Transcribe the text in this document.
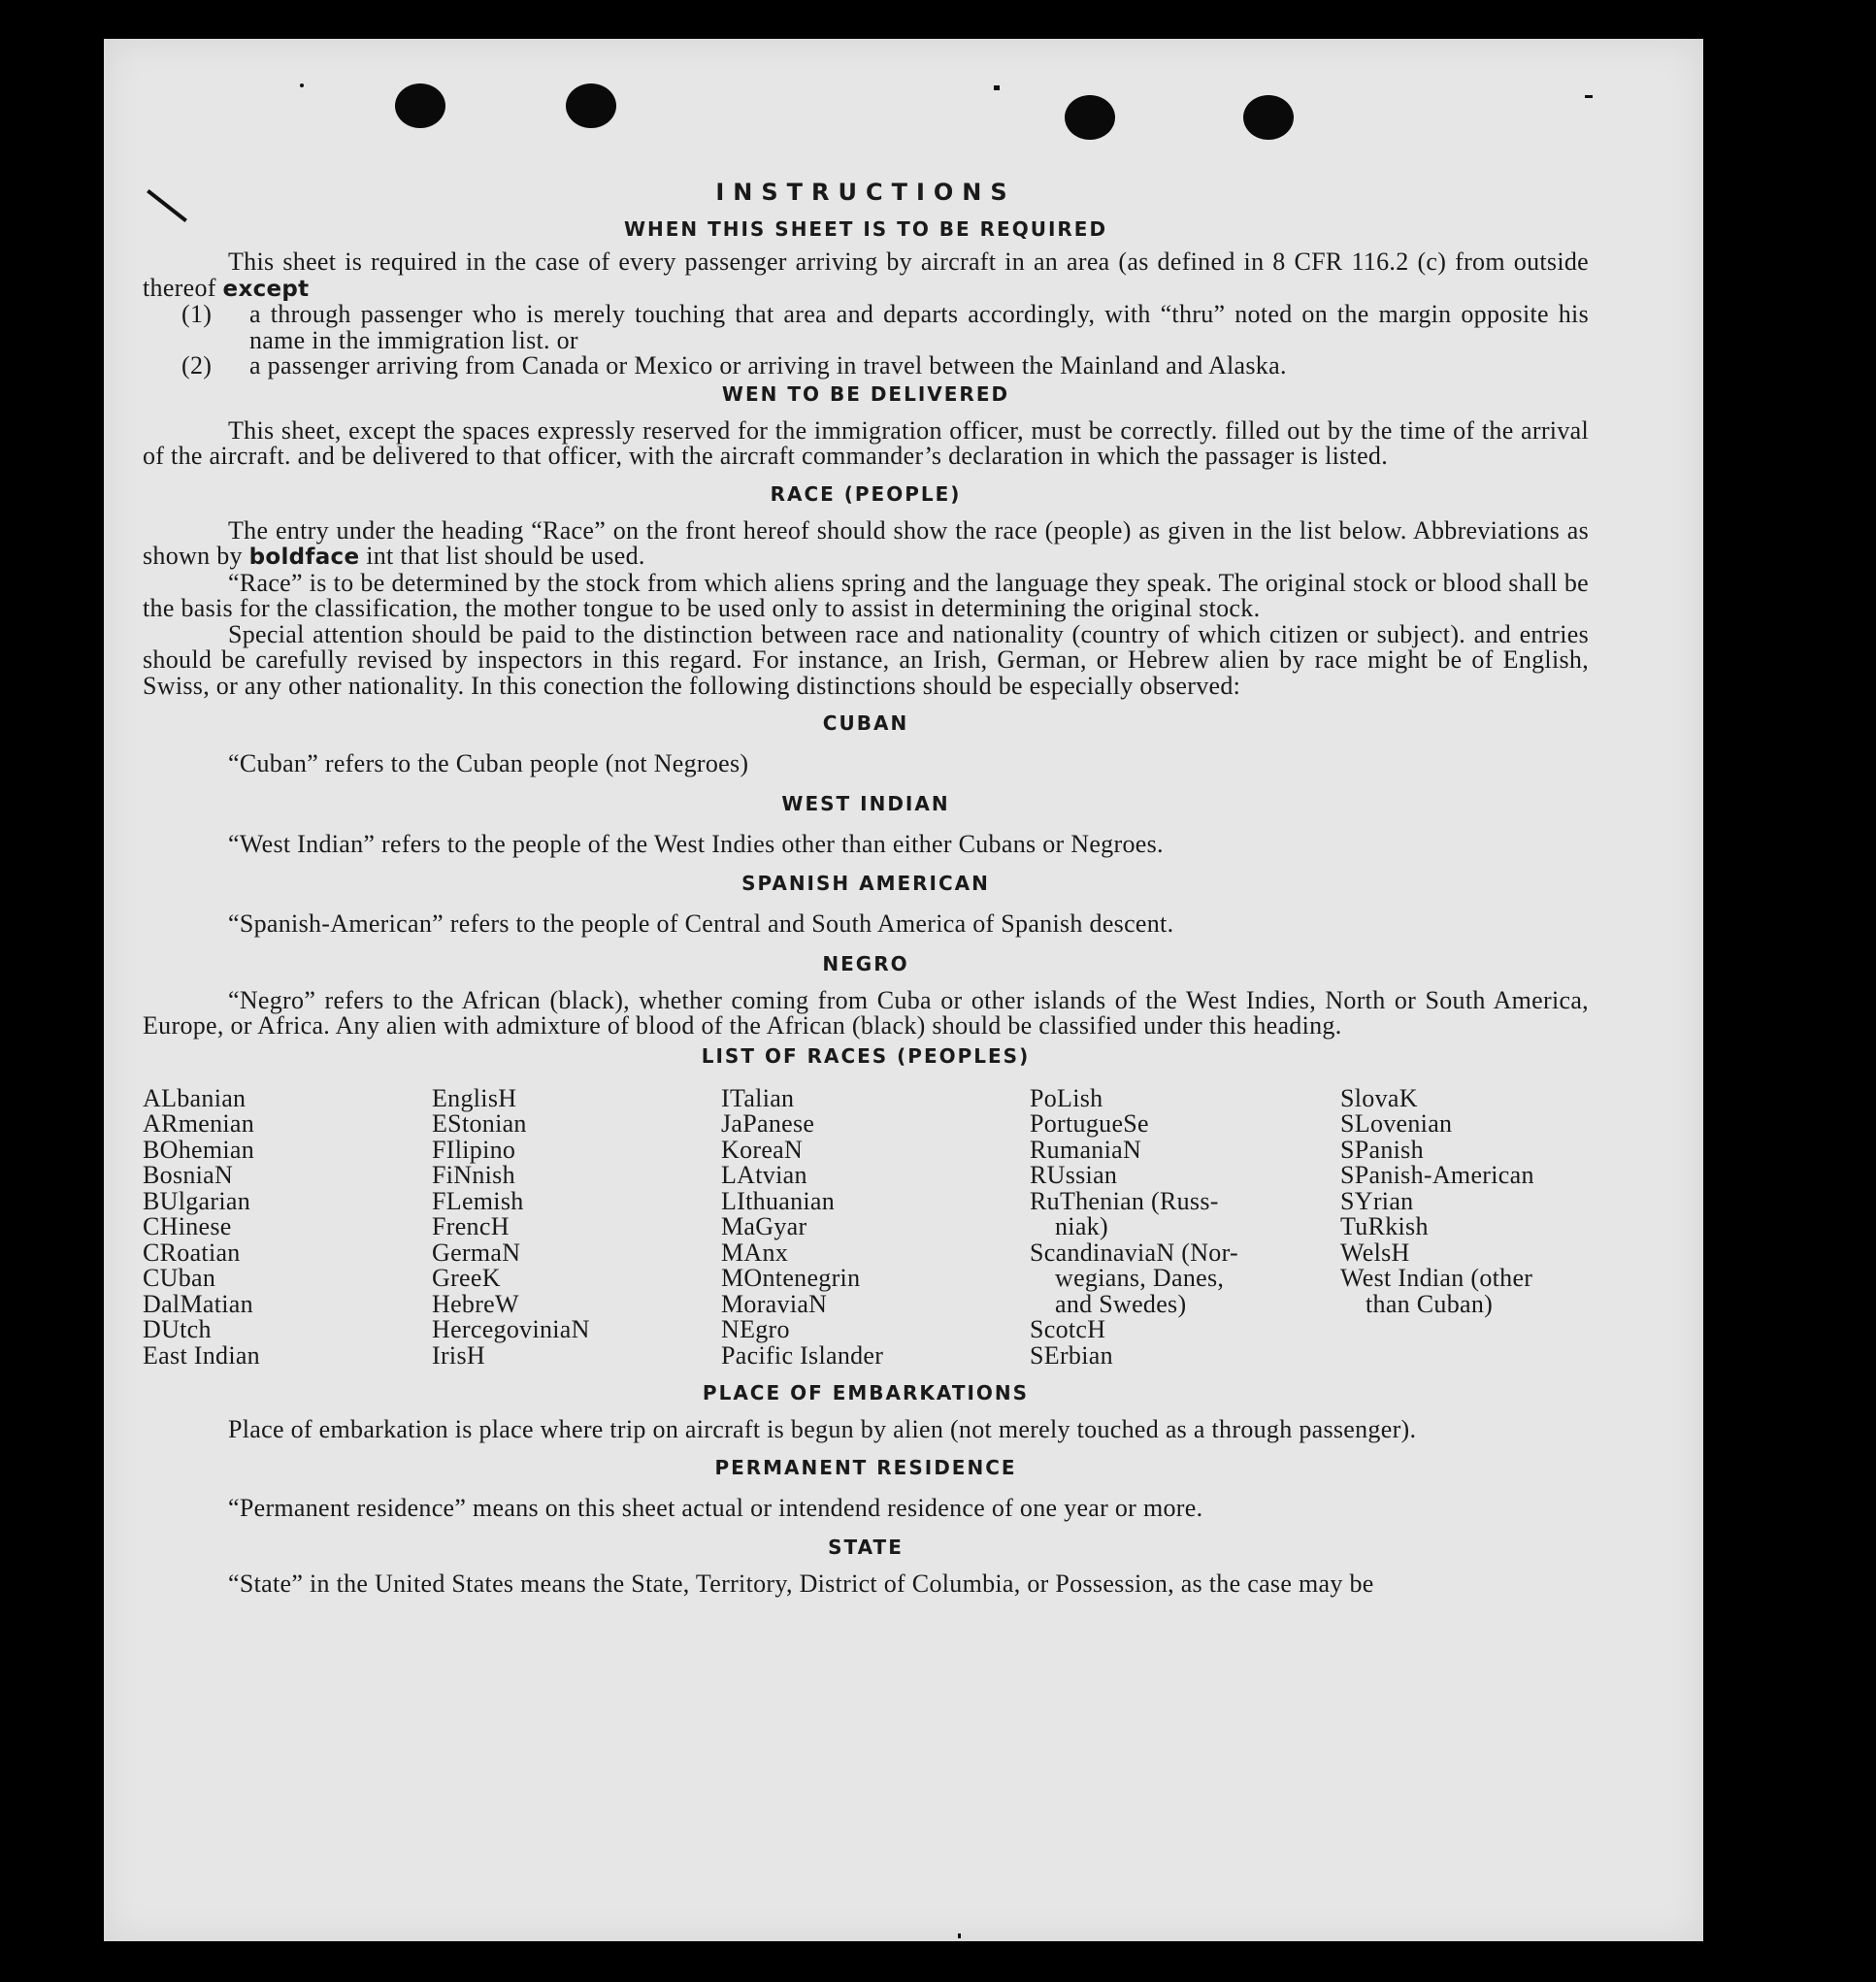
INSTRUCTIONS
WHEN THIS SHEET IS TO BE REQUIRED

This sheet is required in the case of every passenger arriving by aircraft in an area (as defined in 8 CFR 116.2 (c) from outside thereof except

(1) a through passenger who is merely touching that area and departs accordingly, with “thru” noted on the margin opposite his name in the immigration list. or

(2) a passenger arriving from Canada or Mexico or arriving in travel between the Mainland and Alaska.

WEN TO BE DELIVERED

This sheet, except the spaces expressly reserved for the immigration officer, must be correctly. filled out by the time of the arrival of the aircraft. and be delivered to that officer, with the aircraft commander’s declaration in which the passager is listed.

RACE (PEOPLE)

The entry under the heading “Race” on the front hereof should show the race (people) as given in the list below. Abbreviations as shown by boldface int that list should be used.

“Race” is to be determined by the stock from which aliens spring and the language they speak. The original stock or blood shall be the basis for the classification, the mother tongue to be used only to assist in determining the original stock.

Special attention should be paid to the distinction between race and nationality (country of which citizen or subject). and entries should be carefully revised by inspectors in this regard. For instance, an Irish, German, or Hebrew alien by race might be of English, Swiss, or any other nationality. In this conection the following distinctions should be especially observed:

CUBAN

“Cuban” refers to the Cuban people (not Negroes)

WEST INDIAN

“West Indian” refers to the people of the West Indies other than either Cubans or Negroes.

SPANISH AMERICAN

“Spanish-American” refers to the people of Central and South America of Spanish descent.

NEGRO

“Negro” refers to the African (black), whether coming from Cuba or other islands of the West Indies, North or South America, Europe, or Africa. Any alien with admixture of blood of the African (black) should be classified under this heading.

LIST OF RACES (PEOPLES)
ALbanian
ARmenian
BOhemian
BosniaN
BUlgarian
CHinese
CRoatian
CUban
DalMatian
DUtch
East Indian
EnglisH
EStonian
FIlipino
FiNnish
FLemish
FrencH
GermaN
GreeK
HebreW
HercegoviniaN
IrisH
ITalian
JaPanese
KoreaN
LAtvian
LIthuanian
MaGyar
MAnx
MOntenegrin
MoraviaN
NEgro
Pacific Islander
PoLish
PortugueSe
RumaniaN
RUssian
RuThenian (Russ-
niak)
ScandinaviaN (Nor-
wegians, Danes,
and Swedes)
ScotcH
SErbian
SlovaK
SLovenian
SPanish
SPanish-American
SYrian
TuRkish
WelsH
West Indian (other
than Cuban)
PLACE OF EMBARKATIONS

Place of embarkation is place where trip on aircraft is begun by alien (not merely touched as a through passenger).

PERMANENT RESIDENCE

“Permanent residence” means on this sheet actual or intendend residence of one year or more.

STATE

“State” in the United States means the State, Territory, District of Columbia, or Possession, as the case may be
